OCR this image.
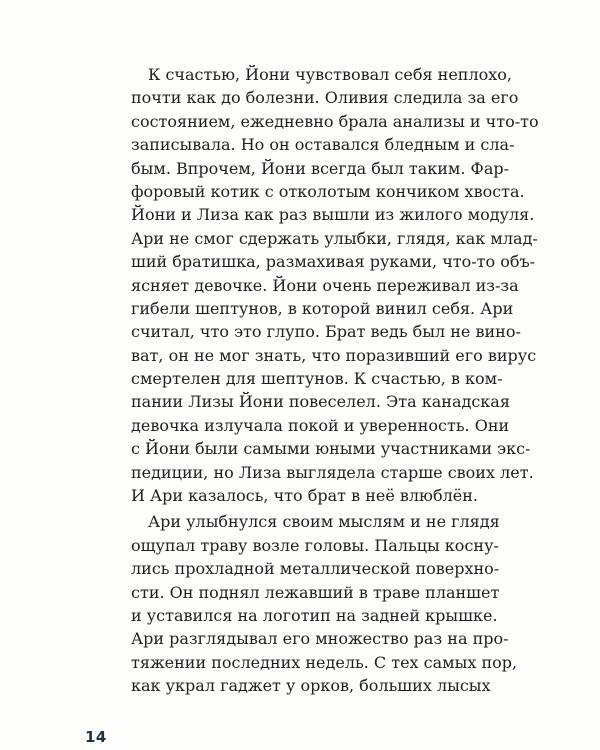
К счастью, Йони чувствовал себя неплохо,
почти как до болезни. Оливия следила за его
состоянием, ежедневно брала анализы и что-то
записывала. Но он оставался бледным и сла-
бым. Впрочем, Йони всегда был таким. Фар-
форовый котик с отколотым кончиком хвоста.
Йони и Лиза как раз вышли из жилого модуля.
Ари не смог сдержать улыбки, глядя, как млад-
ший братишка, размахивая руками, что-то объ-
ясняет девочке. Йони очень переживал из-за
гибели шептунов, в которой винил себя. Ари
считал, что это глупо. Брат ведь был не вино-
ват, он не мог знать, что поразивший его вирус
смертелен для шептунов. К счастью, в ком-
пании Лизы Йони повеселел. Эта канадская
девочка излучала покой и уверенность. Они
с Йони были самыми юными участниками экс-
педиции, но Лиза выглядела старше своих лет.
И Ари казалось, что брат в неё влюблён.
Ари улыбнулся своим мыслям и не глядя
ощупал траву возле головы. Пальцы косну-
лись прохладной металлической поверхно-
сти. Он поднял лежавший в траве планшет
и уставился на логотип на задней крышке.
Ари разглядывал его множество раз на про-
тяжении последних недель. С тех самых пор,
как украл гаджет у орков, больших лысых
14
